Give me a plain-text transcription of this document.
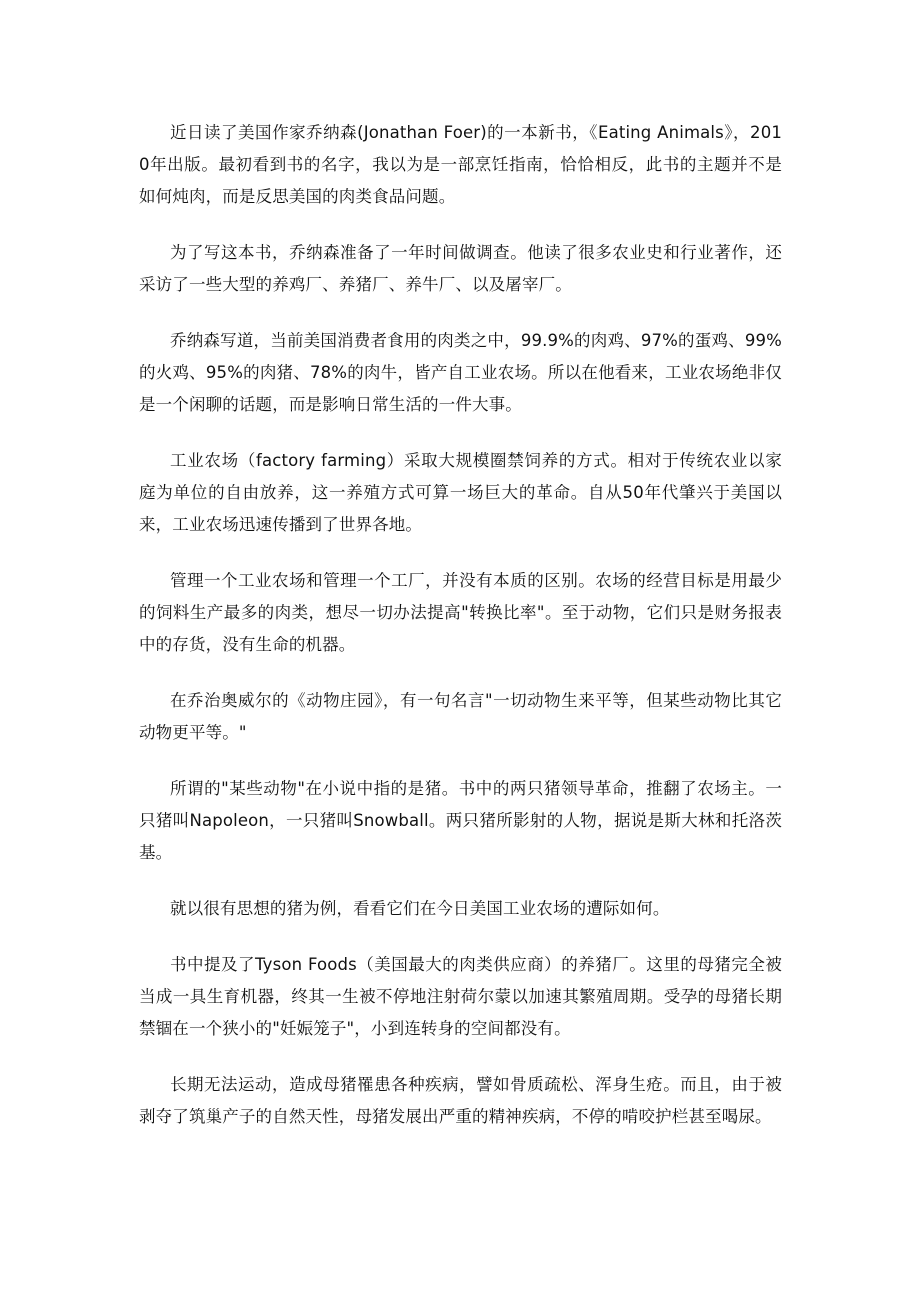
近日读了美国作家乔纳森(Jonathan Foer)的一本新书，《Eating Animals》，2010年出版。最初看到书的名字，我以为是一部烹饪指南，恰恰相反，此书的主题并不是如何炖肉，而是反思美国的肉类食品问题。

为了写这本书，乔纳森准备了一年时间做调查。他读了很多农业史和行业著作，还采访了一些大型的养鸡厂、养猪厂、养牛厂、以及屠宰厂。

乔纳森写道，当前美国消费者食用的肉类之中，99.9%的肉鸡、97%的蛋鸡、99%的火鸡、95%的肉猪、78%的肉牛，皆产自工业农场。所以在他看来，工业农场绝非仅是一个闲聊的话题，而是影响日常生活的一件大事。

工业农场（factory farming）采取大规模圈禁饲养的方式。相对于传统农业以家庭为单位的自由放养，这一养殖方式可算一场巨大的革命。自从50年代肇兴于美国以来，工业农场迅速传播到了世界各地。

管理一个工业农场和管理一个工厂，并没有本质的区别。农场的经营目标是用最少的饲料生产最多的肉类，想尽一切办法提高"转换比率"。至于动物，它们只是财务报表中的存货，没有生命的机器。

在乔治奥威尔的《动物庄园》，有一句名言"一切动物生来平等，但某些动物比其它动物更平等。"

所谓的"某些动物"在小说中指的是猪。书中的两只猪领导革命，推翻了农场主。一只猪叫Napoleon，一只猪叫Snowball。两只猪所影射的人物，据说是斯大林和托洛茨基。

就以很有思想的猪为例，看看它们在今日美国工业农场的遭际如何。

书中提及了Tyson Foods（美国最大的肉类供应商）的养猪厂。这里的母猪完全被当成一具生育机器，终其一生被不停地注射荷尔蒙以加速其繁殖周期。受孕的母猪长期禁锢在一个狭小的"妊娠笼子"，小到连转身的空间都没有。

长期无法运动，造成母猪罹患各种疾病，譬如骨质疏松、浑身生疮。而且，由于被剥夺了筑巢产子的自然天性，母猪发展出严重的精神疾病，不停的啃咬护栏甚至喝尿。
